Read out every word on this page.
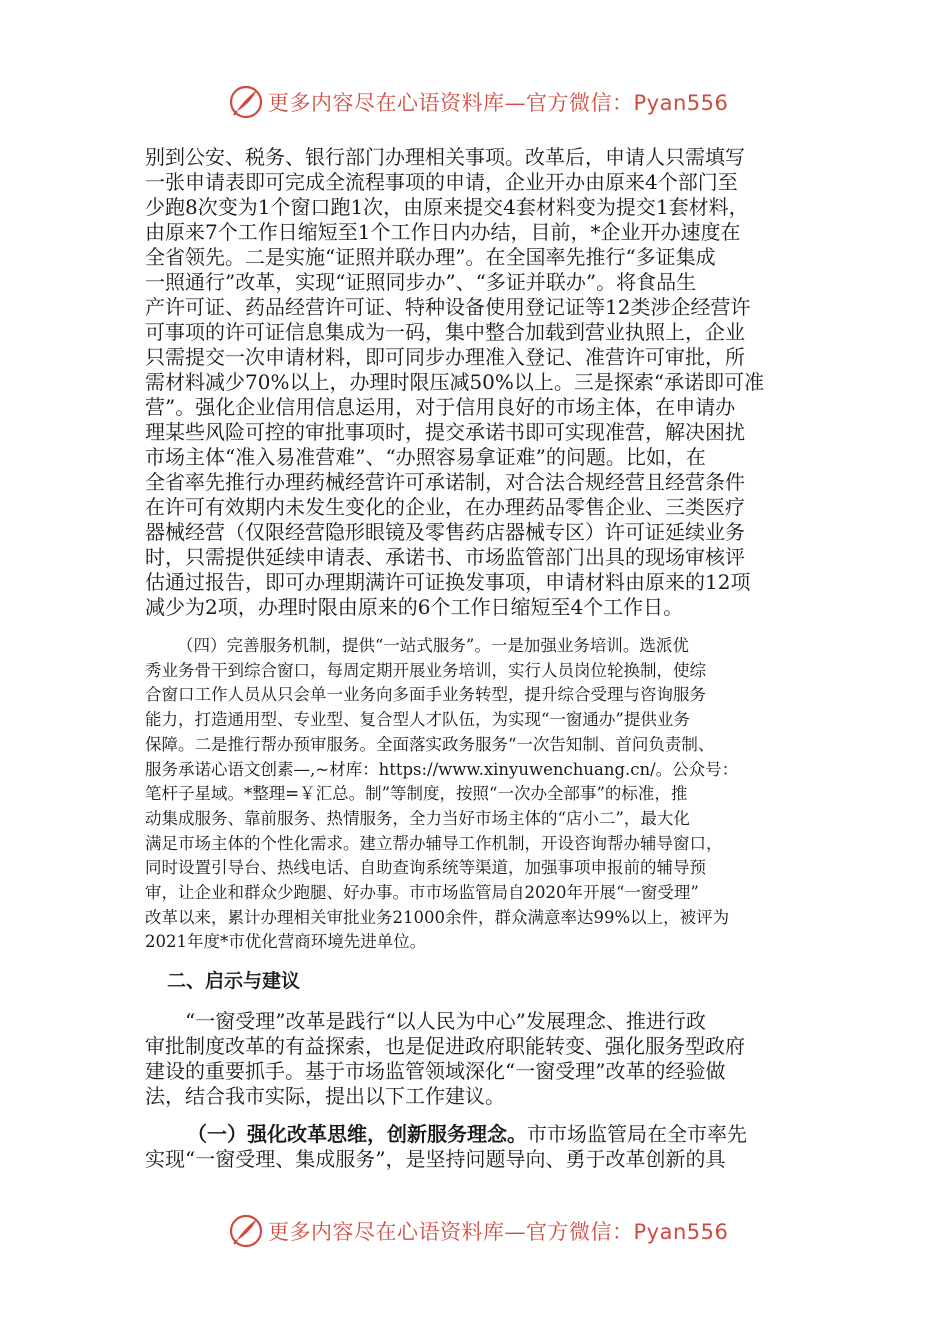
更多内容尽在心语资料库—官方微信：Pyan556
别到公安、税务、银行部门办理相关事项。改革后，申请人只需填写
一张申请表即可完成全流程事项的申请，企业开办由原来4个部门至
少跑8次变为1个窗口跑1次，由原来提交4套材料变为提交1套材料，
由原来7个工作日缩短至1个工作日内办结，目前，*企业开办速度在
全省领先。二是实施“证照并联办理”。在全国率先推行“多证集成
一照通行”改革，实现“证照同步办”、“多证并联办”。将食品生
产许可证、药品经营许可证、特种设备使用登记证等12类涉企经营许
可事项的许可证信息集成为一码，集中整合加载到营业执照上，企业
只需提交一次申请材料，即可同步办理准入登记、准营许可审批，所
需材料减少70%以上，办理时限压减50%以上。三是探索“承诺即可准
营”。强化企业信用信息运用，对于信用良好的市场主体，在申请办
理某些风险可控的审批事项时，提交承诺书即可实现准营，解决困扰
市场主体“准入易准营难”、“办照容易拿证难”的问题。比如，在
全省率先推行办理药械经营许可承诺制，对合法合规经营且经营条件
在许可有效期内未发生变化的企业，在办理药品零售企业、三类医疗
器械经营（仅限经营隐形眼镜及零售药店器械专区）许可证延续业务
时，只需提供延续申请表、承诺书、市场监管部门出具的现场审核评
估通过报告，即可办理期满许可证换发事项，申请材料由原来的12项
减少为2项，办理时限由原来的6个工作日缩短至4个工作日。
（四）完善服务机制，提供“一站式服务”。一是加强业务培训。选派优
秀业务骨干到综合窗口，每周定期开展业务培训，实行人员岗位轮换制，使综
合窗口工作人员从只会单一业务向多面手业务转型，提升综合受理与咨询服务
能力，打造通用型、专业型、复合型人才队伍，为实现“一窗通办”提供业务
保障。二是推行帮办预审服务。全面落实政务服务“一次告知制、首问负责制、
服务承诺心语文创素—,~材库：https://www.xinyuwenchuang.cn/。公众号：
笔杆子星域。*整理=￥汇总。制”等制度，按照“一次办全部事”的标准，推
动集成服务、靠前服务、热情服务，全力当好市场主体的“店小二”，最大化
满足市场主体的个性化需求。建立帮办辅导工作机制，开设咨询帮办辅导窗口，
同时设置引导台、热线电话、自助查询系统等渠道，加强事项申报前的辅导预
审，让企业和群众少跑腿、好办事。市市场监管局自2020年开展“一窗受理”
改革以来，累计办理相关审批业务21000余件，群众满意率达99%以上，被评为
2021年度*市优化营商环境先进单位。
二、启示与建议
“一窗受理”改革是践行“以人民为中心”发展理念、推进行政
审批制度改革的有益探索，也是促进政府职能转变、强化服务型政府
建设的重要抓手。基于市场监管领域深化“一窗受理”改革的经验做
法，结合我市实际，提出以下工作建议。
（一）强化改革思维，创新服务理念。市市场监管局在全市率先
实现“一窗受理、集成服务”，是坚持问题导向、勇于改革创新的具
更多内容尽在心语资料库—官方微信：Pyan556
